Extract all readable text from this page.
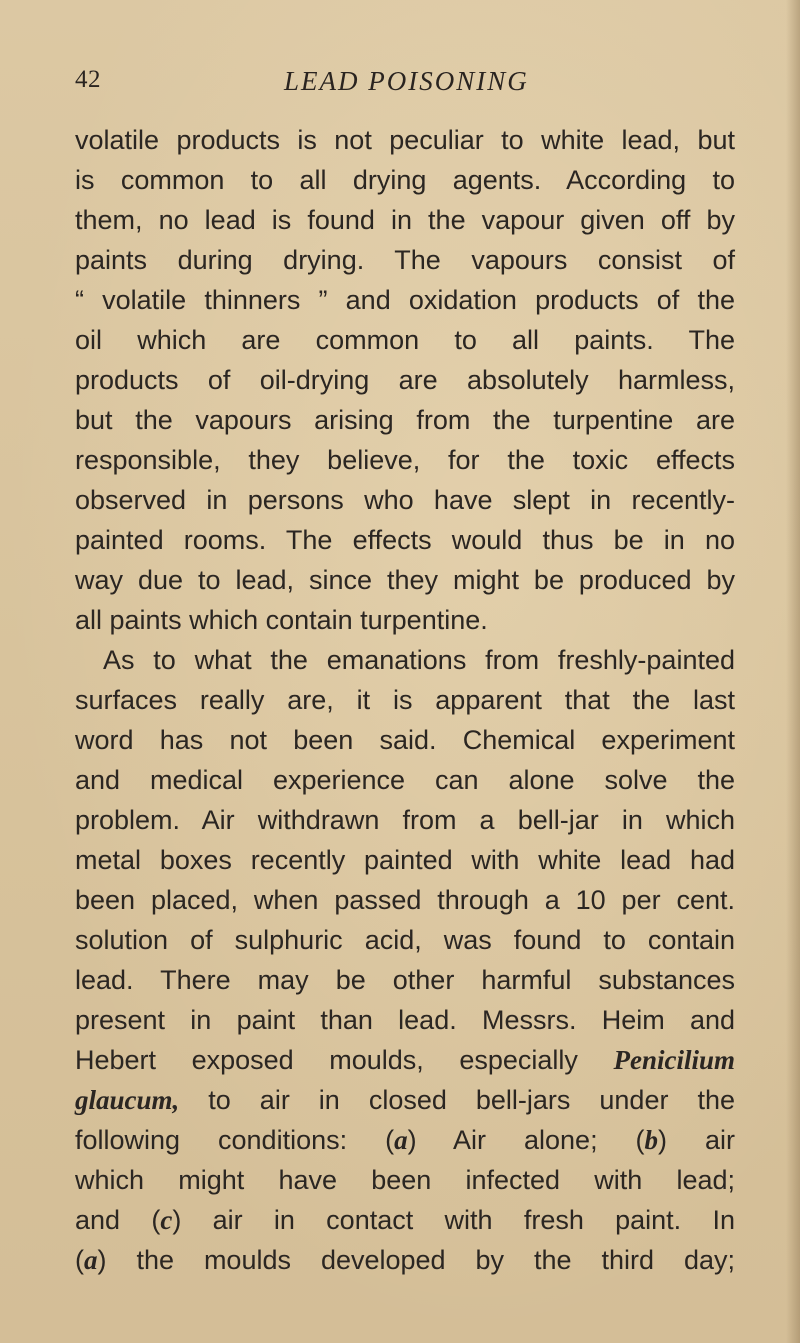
42	LEAD POISONING
volatile products is not peculiar to white lead, but
is common to all drying agents. According to
them, no lead is found in the vapour given off by
paints during drying. The vapours consist of
“ volatile thinners ” and oxidation products of the
oil which are common to all paints. The
products of oil-drying are absolutely harmless,
but the vapours arising from the turpentine are
responsible, they believe, for the toxic effects
observed in persons who have slept in recently-
painted rooms. The effects would thus be in no
way due to lead, since they might be produced by
all paints which contain turpentine.
As to what the emanations from freshly-painted
surfaces really are, it is apparent that the last
word has not been said. Chemical experiment
and medical experience can alone solve the
problem. Air withdrawn from a bell-jar in which
metal boxes recently painted with white lead had
been placed, when passed through a 10 per cent.
solution of sulphuric acid, was found to contain
lead. There may be other harmful substances
present in paint than lead. Messrs. Heim and
Hebert exposed moulds, especially Penicilium
glaucum, to air in closed bell-jars under the
following conditions: (a) Air alone; (b) air
which might have been infected with lead;
and (c) air in contact with fresh paint. In
(a) the moulds developed by the third day;
